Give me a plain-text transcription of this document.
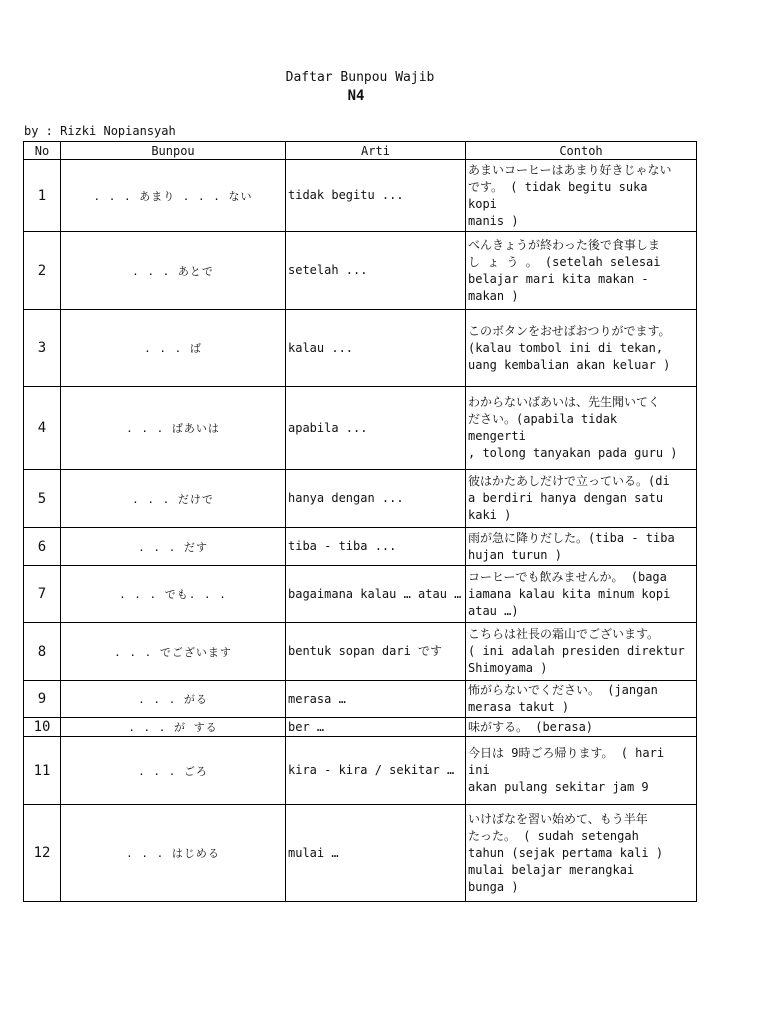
Daftar Bunpou Wajib
N4
by : Rizki Nopiansyah
No	Bunpou	Arti	Contoh
1	. . . あまり . . . ない	tidak begitu ...	あまいコーヒーはあまり好きじゃない
です。 ( tidak begitu suka
kopi
manis )

2	. . . あとで	setelah ...	べんきょうが終わった後で食事しま
し ょ う 。 (setelah selesai
belajar mari kita makan -
makan )

3	. . . ば	kalau ...	このボタンをおせばおつりがでます。
(kalau tombol ini di tekan,
uang kembalian akan keluar )

4	. . . ばあいは	apabila ...	わからないばあいは、先生聞いてく
ださい。(apabila tidak
mengerti
, tolong tanyakan pada guru )

5	. . . だけで	hanya dengan ...	彼はかたあしだけで立っている。(di
a berdiri hanya dengan satu
kaki )

6	. . . だす	tiba - tiba ...	雨が急に降りだした。(tiba - tiba
hujan turun )

7	. . . でも. . .	bagaimana kalau … atau …	コーヒーでも飲みませんか。 (baga
iamana kalau kita minum kopi
atau …)

8	. . . でございます	bentuk sopan dari です	こちらは社長の霜山でございます。
( ini adalah presiden direktur
Shimoyama )

9	. . . がる	merasa …	怖がらないでください。 (jangan
merasa takut )

10	. . . が する	ber …	味がする。 (berasa)

11	. . . ごろ	kira - kira / sekitar …	今日は 9時ごろ帰ります。 ( hari
ini
akan pulang sekitar jam 9

12	. . . はじめる	mulai …	いけばなを習い始めて、もう半年
たった。 ( sudah setengah
tahun (sejak pertama kali )
mulai belajar merangkai
bunga )
